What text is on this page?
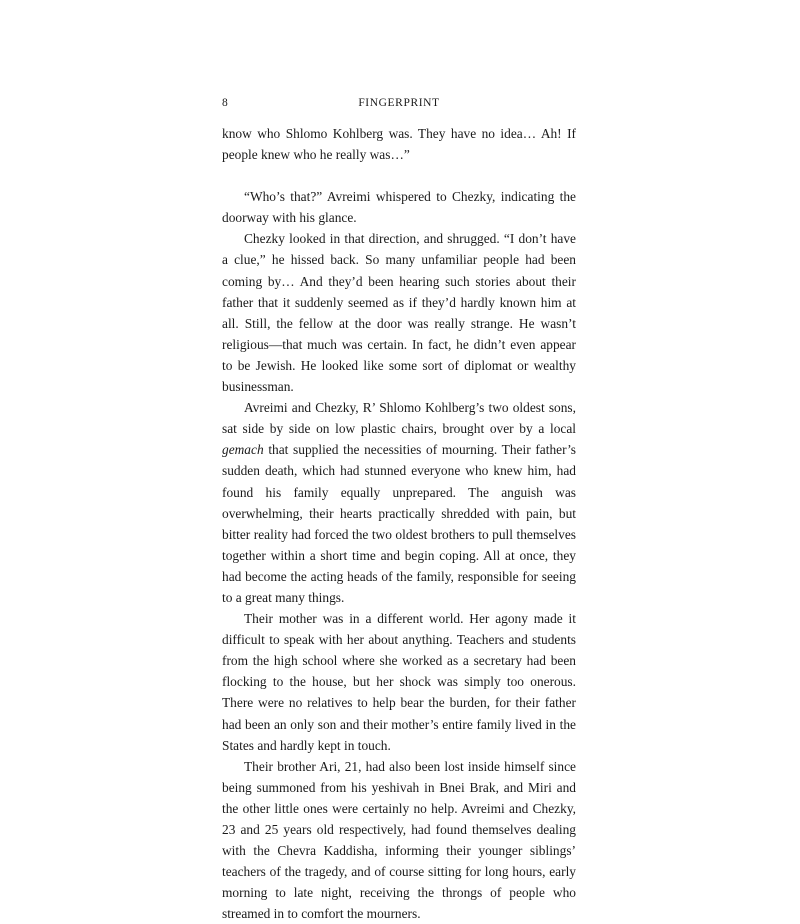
8	FINGERPRINT

know who Shlomo Kohlberg was. They have no idea… Ah! If people knew who he really was…”

“Who’s that?” Avreimi whispered to Chezky, indicating the doorway with his glance.

Chezky looked in that direction, and shrugged. “I don’t have a clue,” he hissed back. So many unfamiliar people had been coming by… And they’d been hearing such stories about their father that it suddenly seemed as if they’d hardly known him at all. Still, the fellow at the door was really strange. He wasn’t religious—that much was certain. In fact, he didn’t even appear to be Jewish. He looked like some sort of diplomat or wealthy businessman.

Avreimi and Chezky, R’ Shlomo Kohlberg’s two oldest sons, sat side by side on low plastic chairs, brought over by a local gemach that supplied the necessities of mourning. Their father’s sudden death, which had stunned everyone who knew him, had found his family equally unprepared. The anguish was overwhelming, their hearts practically shredded with pain, but bitter reality had forced the two oldest brothers to pull themselves together within a short time and begin coping. All at once, they had become the acting heads of the family, responsible for seeing to a great many things.

Their mother was in a different world. Her agony made it difficult to speak with her about anything. Teachers and students from the high school where she worked as a secretary had been flocking to the house, but her shock was simply too onerous. There were no relatives to help bear the burden, for their father had been an only son and their mother’s entire family lived in the States and hardly kept in touch.

Their brother Ari, 21, had also been lost inside himself since being summoned from his yeshivah in Bnei Brak, and Miri and the other little ones were certainly no help. Avreimi and Chezky, 23 and 25 years old respectively, had found themselves dealing with the Chevra Kaddisha, informing their younger siblings’ teachers of the tragedy, and of course sitting for long hours, early morning to late night, receiving the throngs of people who streamed in to comfort the mourners.
